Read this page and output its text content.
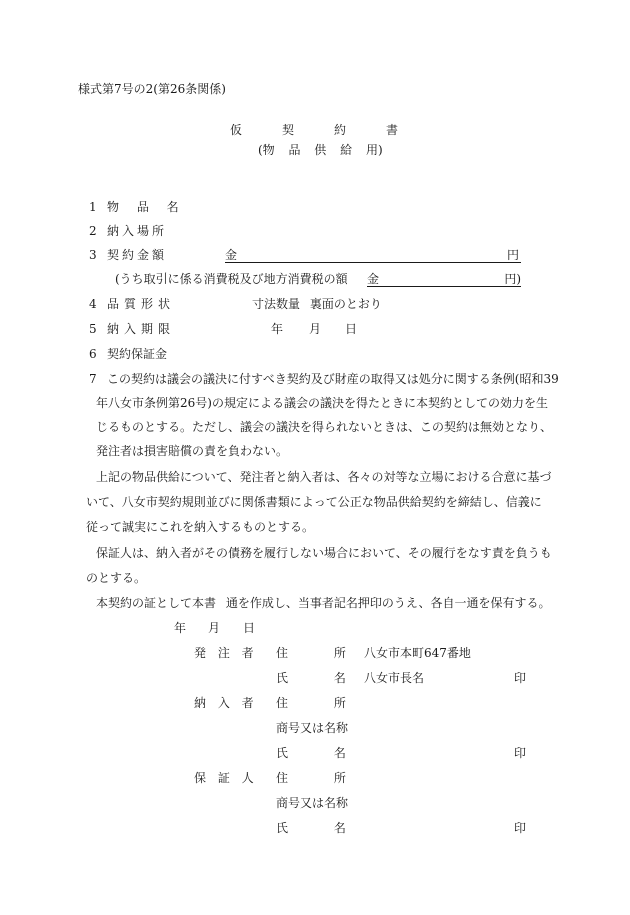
様式第7号の2(第26条関係)
仮	契	約	書
(物 品 供 給 用)
1 物 品 名
2 納入場所
3 契約金額	金	円
(うち取引に係る消費税及び地方消費税の額 金	円)
4 品質形状	寸法数量 裏面のとおり
5 納入期限	年 月 日
6 契約保証金
7 この契約は議会の議決に付すべき契約及び財産の取得又は処分に関する条例(昭和39
年八女市条例第26号)の規定による議会の議決を得たときに本契約としての効力を生
じるものとする。ただし、議会の議決を得られないときは、この契約は無効となり、
発注者は損害賠償の責を負わない。
上記の物品供給について、発注者と納入者は、各々の対等な立場における合意に基づ
いて、八女市契約規則並びに関係書類によって公正な物品供給契約を締結し、信義に
従って誠実にこれを納入するものとする。
保証人は、納入者がその債務を履行しない場合において、その履行をなす責を負うも
のとする。
本契約の証として本書 通を作成し、当事者記名押印のうえ、各自一通を保有する。
年 月 日
発 注 者 住 所 八女市本町647番地
氏 名 八女市長名	印
納 入 者 住 所
商号又は名称
氏 名	印
保 証 人 住 所
商号又は名称
氏 名	印
